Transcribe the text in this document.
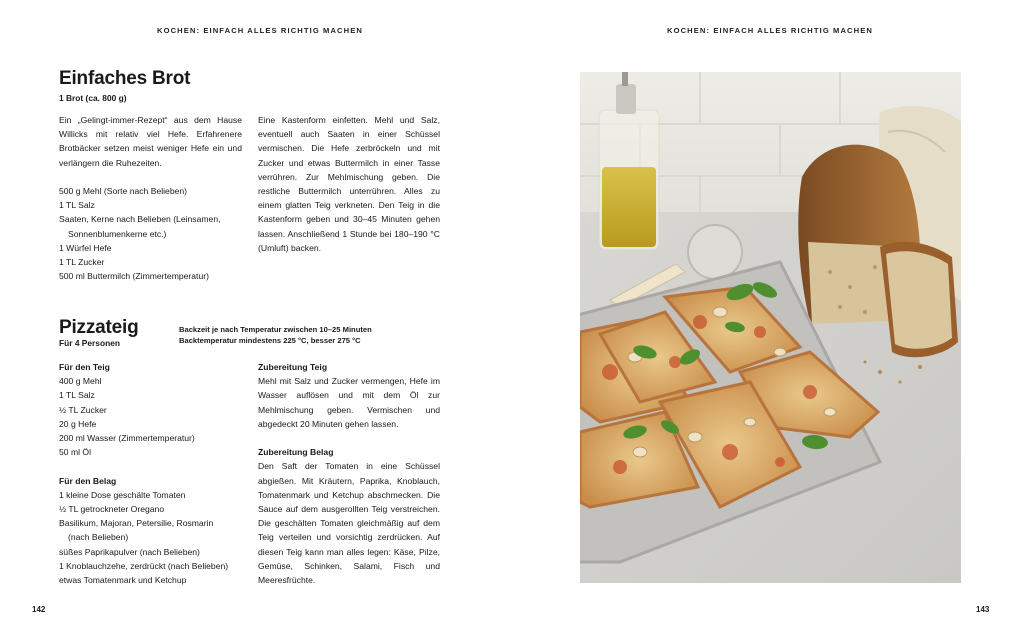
KOCHEN: EINFACH ALLES RICHTIG MACHEN	KOCHEN: EINFACH ALLES RICHTIG MACHEN
Einfaches Brot
1 Brot (ca. 800 g)

Ein „Gelingt-immer-Rezept“ aus dem Hause Willicks mit relativ viel Hefe. Erfahrenere Brotbäcker setzen meist weniger Hefe ein und verlängern die Ruhezeiten.

500 g Mehl (Sorte nach Belieben)

1 TL Salz

Saaten, Kerne nach Belieben (Leinsamen,

Sonnenblumenkerne etc.)

1 Würfel Hefe

1 TL Zucker

500 ml Buttermilch (Zimmertemperatur)

Eine Kastenform einfetten. Mehl und Salz, eventuell auch Saaten in einer Schüssel vermischen. Die Hefe zerbröckeln und mit Zucker und etwas Buttermilch in einer Tasse verrühren. Zur Mehlmischung geben. Die restliche Buttermilch unterrühren. Alles zu einem glatten Teig verkneten. Den Teig in die Kastenform geben und 30–45 Minuten gehen lassen. Anschließend 1 Stunde bei 180–190 °C (Umluft) backen.

Pizzateig
Für 4 Personen
Backzeit je nach Temperatur zwischen 10–25 Minuten
Backtemperatur mindestens 225 °C, besser 275 °C

Für den Teig

400 g Mehl

1 TL Salz

½ TL Zucker

20 g Hefe

200 ml Wasser (Zimmertemperatur)

50 ml Öl

Für den Belag

1 kleine Dose geschälte Tomaten

½ TL getrockneter Oregano

Basilikum, Majoran, Petersilie, Rosmarin

(nach Belieben)

süßes Paprikapulver (nach Belieben)

1 Knoblauchzehe, zerdrückt (nach Belieben)

etwas Tomatenmark und Ketchup

Zubereitung Teig

Mehl mit Salz und Zucker vermengen, Hefe im Wasser auflösen und mit dem Öl zur Mehlmischung geben. Vermischen und abgedeckt 20 Minuten gehen lassen.

Zubereitung Belag

Den Saft der Tomaten in eine Schüssel abgießen. Mit Kräutern, Paprika, Knoblauch, Tomatenmark und Ketchup abschmecken. Die Sauce auf dem ausgerollten Teig verstreichen. Die geschälten Tomaten gleichmäßig auf dem Teig verteilen und vorsichtig zerdrücken. Auf diesen Teig kann man alles legen: Käse, Pilze, Gemüse, Schinken, Salami, Fisch und Meeresfrüchte.

142	143
